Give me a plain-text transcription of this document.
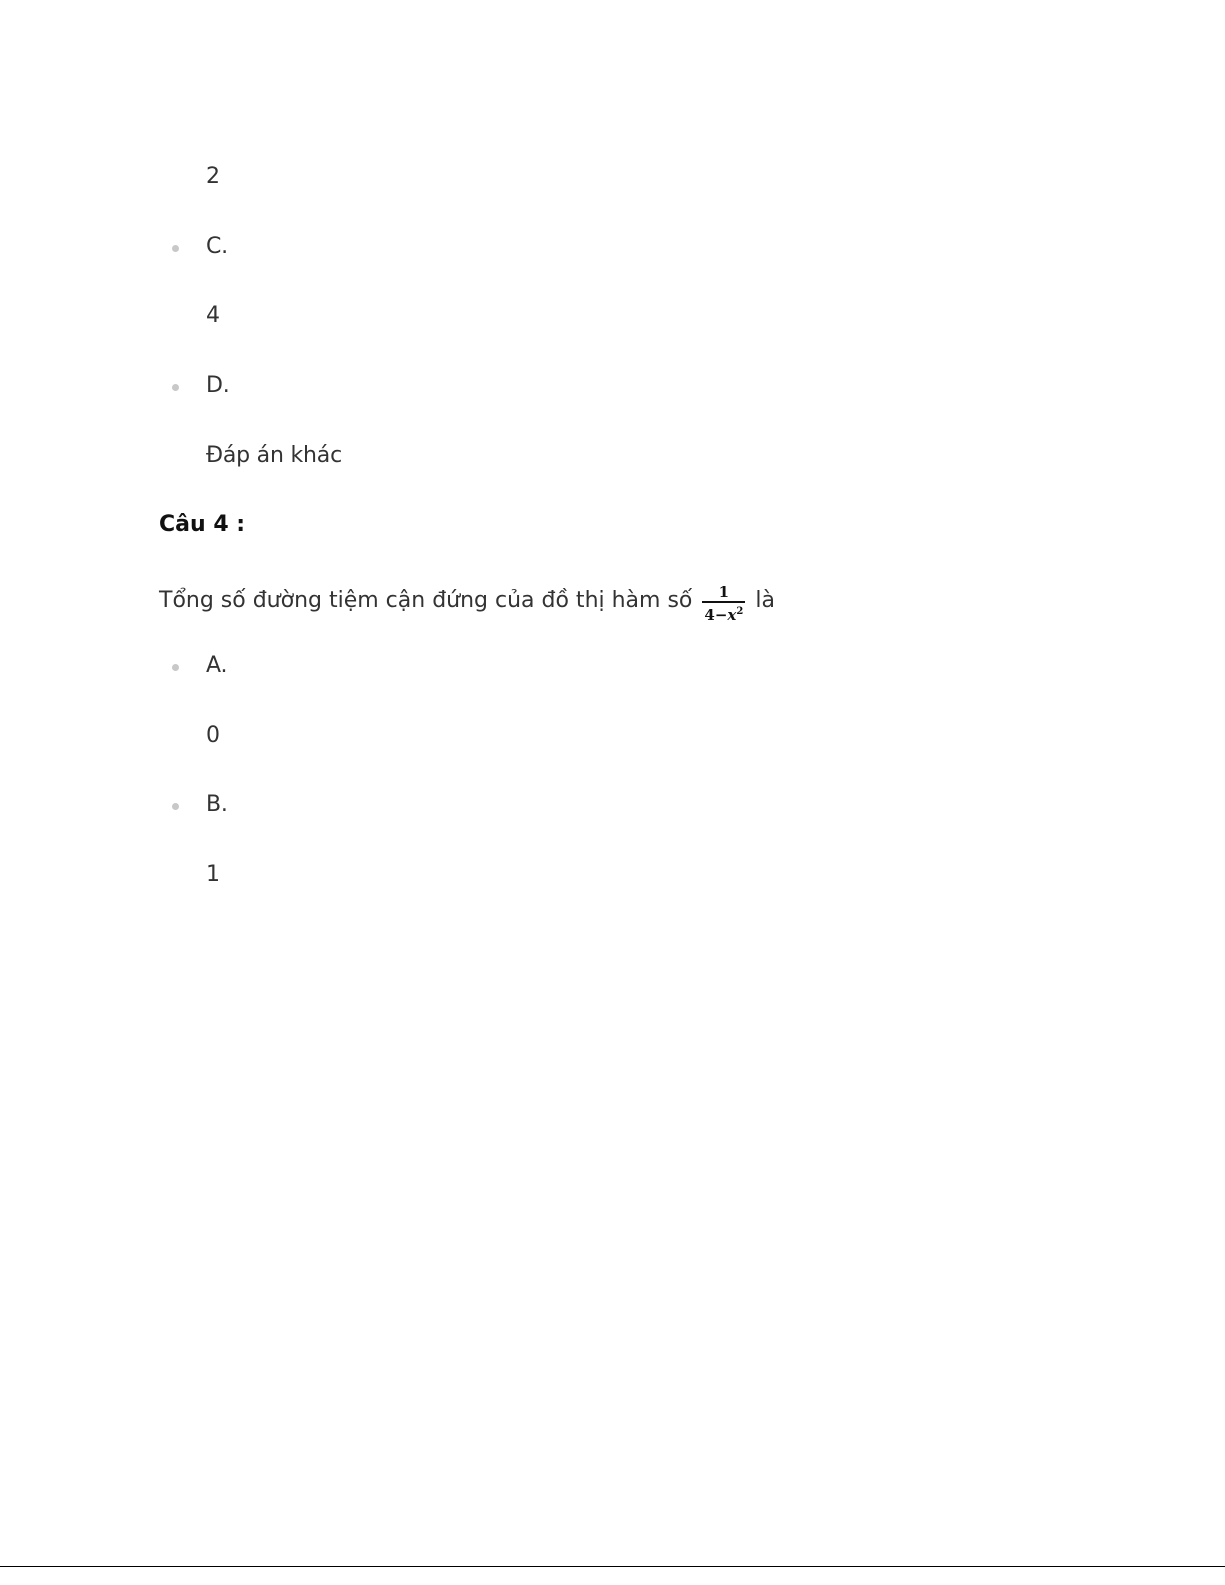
2
C.
4
D.
Đáp án khác
Câu 4 :
Tổng số đường tiệm cận đứng của đồ thị hàm số $\frac{1}{4-x^2}$ là
A.
0
B.
1
